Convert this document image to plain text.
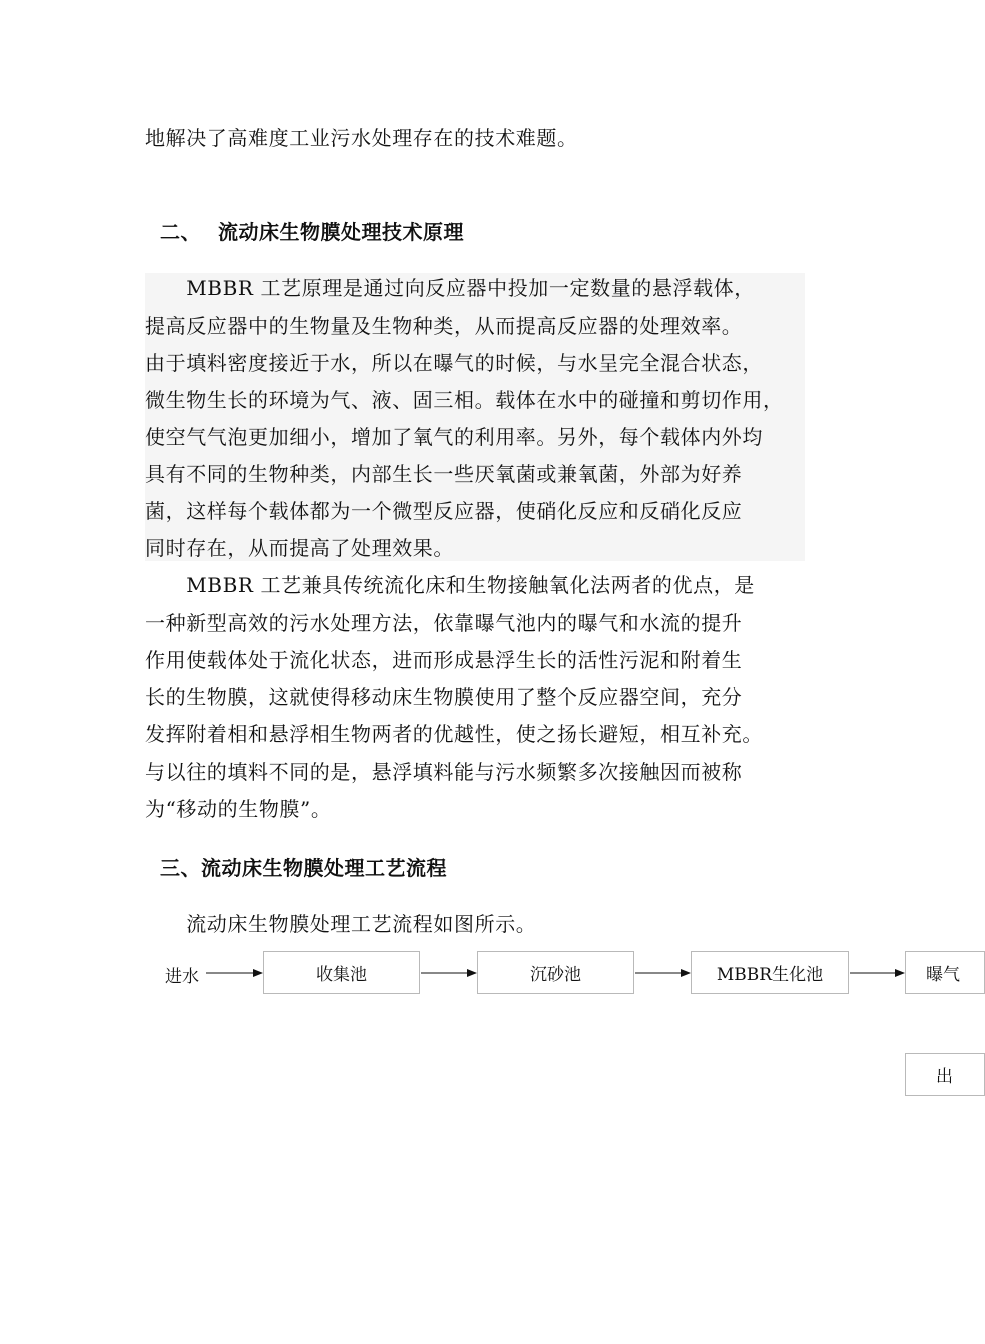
地解决了高难度工业污水处理存在的技术难题。
二、 流动床生物膜处理技术原理
　　MBBR 工艺原理是通过向反应器中投加一定数量的悬浮载体，
提高反应器中的生物量及生物种类，从而提高反应器的处理效率。
由于填料密度接近于水，所以在曝气的时候，与水呈完全混合状态，
微生物生长的环境为气、液、固三相。载体在水中的碰撞和剪切作用，
使空气气泡更加细小，增加了氧气的利用率。另外，每个载体内外均
具有不同的生物种类，内部生长一些厌氧菌或兼氧菌，外部为好养
菌，这样每个载体都为一个微型反应器，使硝化反应和反硝化反应
同时存在，从而提高了处理效果。
　　MBBR 工艺兼具传统流化床和生物接触氧化法两者的优点，是
一种新型高效的污水处理方法，依靠曝气池内的曝气和水流的提升
作用使载体处于流化状态，进而形成悬浮生长的活性污泥和附着生
长的生物膜，这就使得移动床生物膜使用了整个反应器空间，充分
发挥附着相和悬浮相生物两者的优越性，使之扬长避短，相互补充。
与以往的填料不同的是，悬浮填料能与污水频繁多次接触因而被称
为“移动的生物膜”。
三、流动床生物膜处理工艺流程
　　流动床生物膜处理工艺流程如图所示。
进水	收集池	沉砂池	MBBR生化池	曝气
出
